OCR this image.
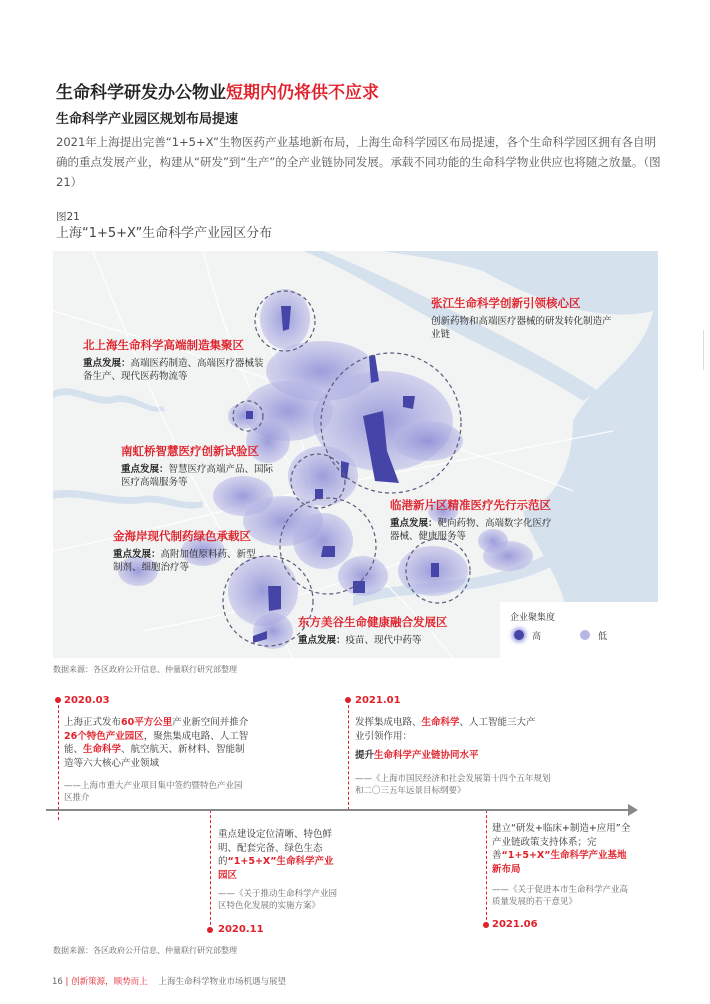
生命科学研发办公物业短期内仍将供不应求
生命科学产业园区规划布局提速
2021年上海提出完善“1+5+X”生物医药产业基地新布局，上海生命科学园区布局提速，各个生命科学园区拥有各自明确的重点发展产业，构建从“研发”到“生产”的全产业链协同发展。承载不同功能的生命科学物业供应也将随之放量。（图21）
图21
上海“1+5+X”生命科学产业园区分布
张江生命科学创新引领核心区
创新药物和高端医疗器械的研发转化制造产业链
北上海生命科学高端制造集聚区
重点发展：高端医药制造、高端医疗器械装备生产、现代医药物流等
南虹桥智慧医疗创新试验区
重点发展：智慧医疗高端产品、国际医疗高端服务等
临港新片区精准医疗先行示范区
重点发展：靶向药物、高端数字化医疗器械、健康服务等
金海岸现代制药绿色承载区
重点发展：高附加值原料药、新型制剂、细胞治疗等
东方美谷生命健康融合发展区
重点发展：疫苗、现代中药等
企业聚集度
高	低
数据来源：各区政府公开信息、仲量联行研究部整理
2020.03
上海正式发布60平方公里产业新空间并推介26个特色产业园区，聚焦集成电路、人工智能、生命科学、航空航天、新材料、智能制造等六大核心产业领域
——上海市重大产业项目集中签约暨特色产业园区推介
2021.01
发挥集成电路、生命科学、人工智能三大产业引领作用：
提升生命科学产业链协同水平
——《上海市国民经济和社会发展第十四个五年规划和二〇三五年远景目标纲要》
重点建设定位清晰、特色鲜明、配套完备、绿色生态的“1+5+X”生命科学产业园区
——《关于推动生命科学产业园区特色化发展的实施方案》
2020.11
建立“研发+临床+制造+应用”全产业链政策支持体系；完善“1+5+X”生命科学产业基地新布局
——《关于促进本市生命科学产业高质量发展的若干意见》
2021.06
数据来源：各区政府公开信息、仲量联行研究部整理
16 | 创新策源，顺势而上 上海生命科学物业市场机遇与展望
